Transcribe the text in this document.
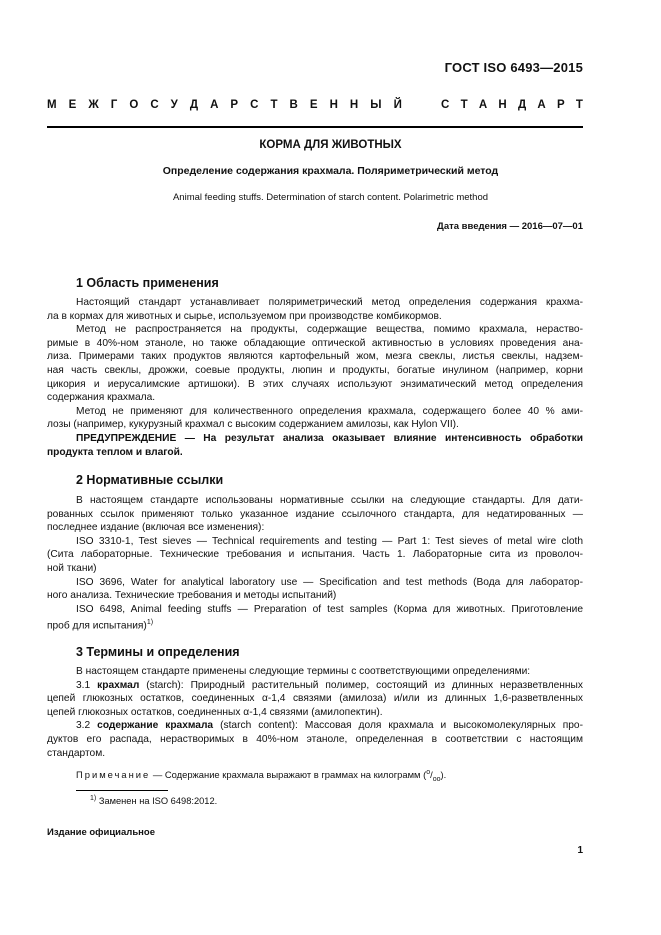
ГОСТ ISO 6493—2015
М Е Ж Г О С У Д А Р С Т В Е Н Н Ы Й	С Т А Н Д А Р Т
КОРМА ДЛЯ ЖИВОТНЫХ
Определение содержания крахмала. Поляриметрический метод
Animal feeding stuffs. Determination of starch content. Polarimetric method
Дата введения — 2016—07—01
1 Область применения
Настоящий стандарт устанавливает поляриметрический метод определения содержания крахма-
ла в кормах для животных и сырье, используемом при производстве комбикормов.
Метод не распространяется на продукты, содержащие вещества, помимо крахмала, нераство-
римые в 40%-ном этаноле, но также обладающие оптической активностью в условиях проведения ана-
лиза. Примерами таких продуктов являются картофельный жом, мезга свеклы, листья свеклы, надзем-
ная часть свеклы, дрожжи, соевые продукты, люпин и продукты, богатые инулином (например, корни
цикория и иерусалимские артишоки). В этих случаях используют энзиматический метод определения
содержания крахмала.
Метод не применяют для количественного определения крахмала, содержащего более 40 % ами-
лозы (например, кукурузный крахмал с высоким содержанием амилозы, как Hylon VII).
ПРЕДУПРЕЖДЕНИЕ — На результат анализа оказывает влияние интенсивность обработки
продукта теплом и влагой.
2 Нормативные ссылки
В настоящем стандарте использованы нормативные ссылки на следующие стандарты. Для дати-
рованных ссылок применяют только указанное издание ссылочного стандарта, для недатированных —
последнее издание (включая все изменения):
ISO 3310-1, Test sieves — Technical requirements and testing — Part 1: Test sieves of metal wire cloth
(Сита лабораторные. Технические требования и испытания. Часть 1. Лабораторные сита из проволоч-
ной ткани)
ISO 3696, Water for analytical laboratory use — Specification and test methods (Вода для лаборатор-
ного анализа. Технические требования и методы испытаний)
ISO 6498, Animal feeding stuffs — Preparation of test samples (Корма для животных. Приготовление
проб для испытания)$^{1)}$
3 Термины и определения
В настоящем стандарте применены следующие термины с соответствующими определениями:
3.1 крахмал (starch): Природный растительный полимер, состоящий из длинных неразветвленных
цепей глюкозных остатков, соединенных α-1,4 связями (амилоза) и/или из длинных 1,6-разветвленных
цепей глюкозных остатков, соединенных α-1,4 связями (амилопектин).
3.2 содержание крахмала (starch content): Массовая доля крахмала и высокомолекулярных про-
дуктов его распада, нерастворимых в 40%-ном этаноле, определенная в соответствии с настоящим
стандартом.
Примечание — Содержание крахмала выражают в граммах на килограмм $(^о/_{оо})$.
$^{1)}$ Заменен на ISO 6498:2012.
Издание официальное
1
